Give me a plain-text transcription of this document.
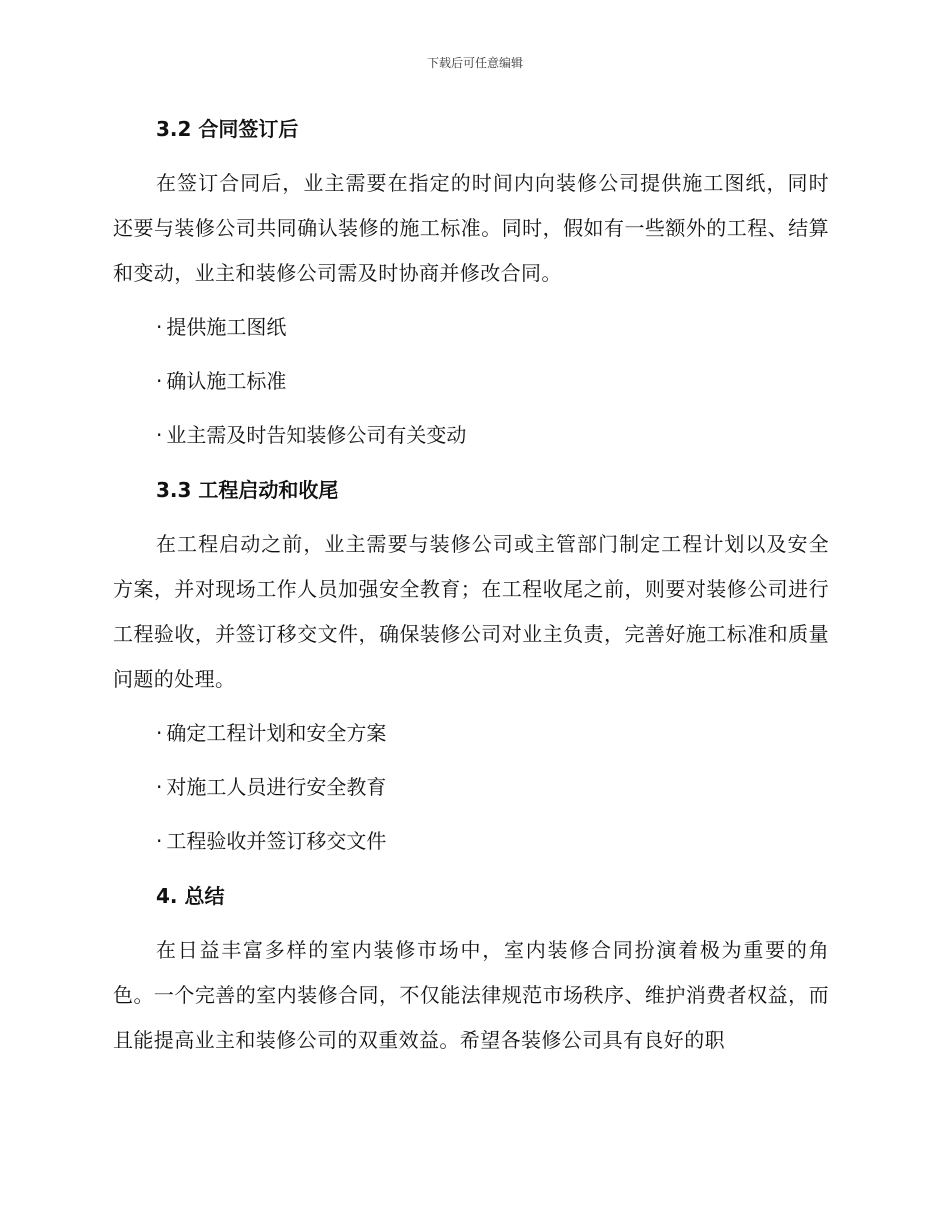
下载后可任意编辑
3.2 合同签订后
在签订合同后，业主需要在指定的时间内向装修公司提供施工图纸，同时还要与装修公司共同确认装修的施工标准。同时，假如有一些额外的工程、结算和变动，业主和装修公司需及时协商并修改合同。
· 提供施工图纸
· 确认施工标准
· 业主需及时告知装修公司有关变动
3.3 工程启动和收尾
在工程启动之前，业主需要与装修公司或主管部门制定工程计划以及安全方案，并对现场工作人员加强安全教育；在工程收尾之前，则要对装修公司进行工程验收，并签订移交文件，确保装修公司对业主负责，完善好施工标准和质量问题的处理。
· 确定工程计划和安全方案
· 对施工人员进行安全教育
· 工程验收并签订移交文件
4. 总结
在日益丰富多样的室内装修市场中，室内装修合同扮演着极为重要的角色。一个完善的室内装修合同，不仅能法律规范市场秩序、维护消费者权益，而且能提高业主和装修公司的双重效益。希望各装修公司具有良好的职
